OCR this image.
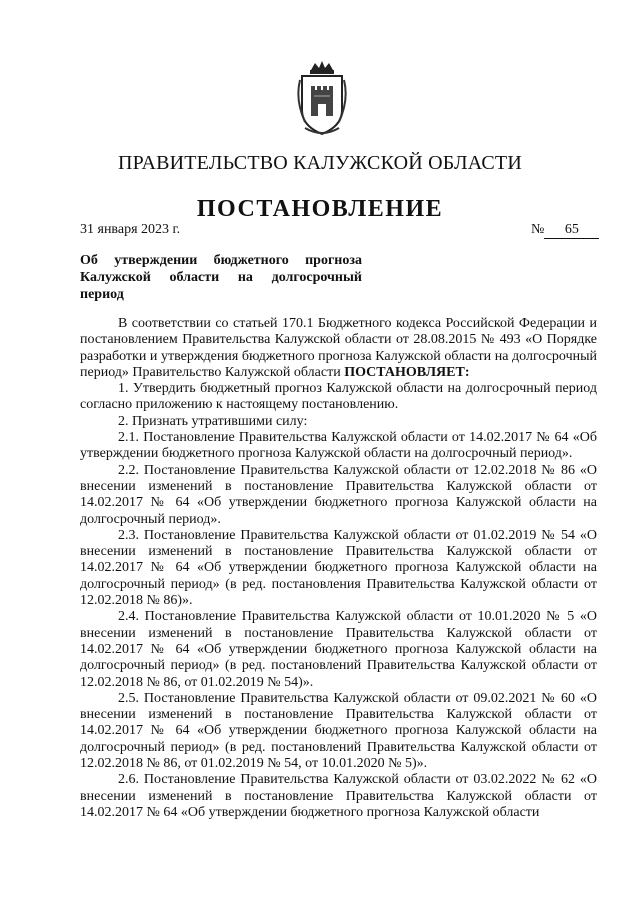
ПРАВИТЕЛЬСТВО КАЛУЖСКОЙ ОБЛАСТИ
ПОСТАНОВЛЕНИЕ
31 января 2023 г.	№ 65
Об утверждении бюджетного прогноза Калужской области на долгосрочный период

В соответствии со статьей 170.1 Бюджетного кодекса Российской Федерации и постановлением Правительства Калужской области от 28.08.2015 № 493 «О Порядке разработки и утверждения бюджетного прогноза Калужской области на долгосрочный период» Правительство Калужской области ПОСТАНОВЛЯЕТ:

1. Утвердить бюджетный прогноз Калужской области на долгосрочный период согласно приложению к настоящему постановлению.

2. Признать утратившими силу:

2.1. Постановление Правительства Калужской области от 14.02.2017 № 64 «Об утверждении бюджетного прогноза Калужской области на долгосрочный период».

2.2. Постановление Правительства Калужской области от 12.02.2018 № 86 «О внесении изменений в постановление Правительства Калужской области от 14.02.2017 № 64 «Об утверждении бюджетного прогноза Калужской области на долгосрочный период».

2.3. Постановление Правительства Калужской области от 01.02.2019 № 54 «О внесении изменений в постановление Правительства Калужской области от 14.02.2017 № 64 «Об утверждении бюджетного прогноза Калужской области на долгосрочный период» (в ред. постановления Правительства Калужской области от 12.02.2018 № 86)».

2.4. Постановление Правительства Калужской области от 10.01.2020 № 5 «О внесении изменений в постановление Правительства Калужской области от 14.02.2017 № 64 «Об утверждении бюджетного прогноза Калужской области на долгосрочный период» (в ред. постановлений Правительства Калужской области от 12.02.2018 № 86, от 01.02.2019 № 54)».

2.5. Постановление Правительства Калужской области от 09.02.2021 № 60 «О внесении изменений в постановление Правительства Калужской области от 14.02.2017 № 64 «Об утверждении бюджетного прогноза Калужской области на долгосрочный период» (в ред. постановлений Правительства Калужской области от 12.02.2018 № 86, от 01.02.2019 № 54, от 10.01.2020 № 5)».

2.6. Постановление Правительства Калужской области от 03.02.2022 № 62 «О внесении изменений в постановление Правительства Калужской области от 14.02.2017 № 64 «Об утверждении бюджетного прогноза Калужской области
